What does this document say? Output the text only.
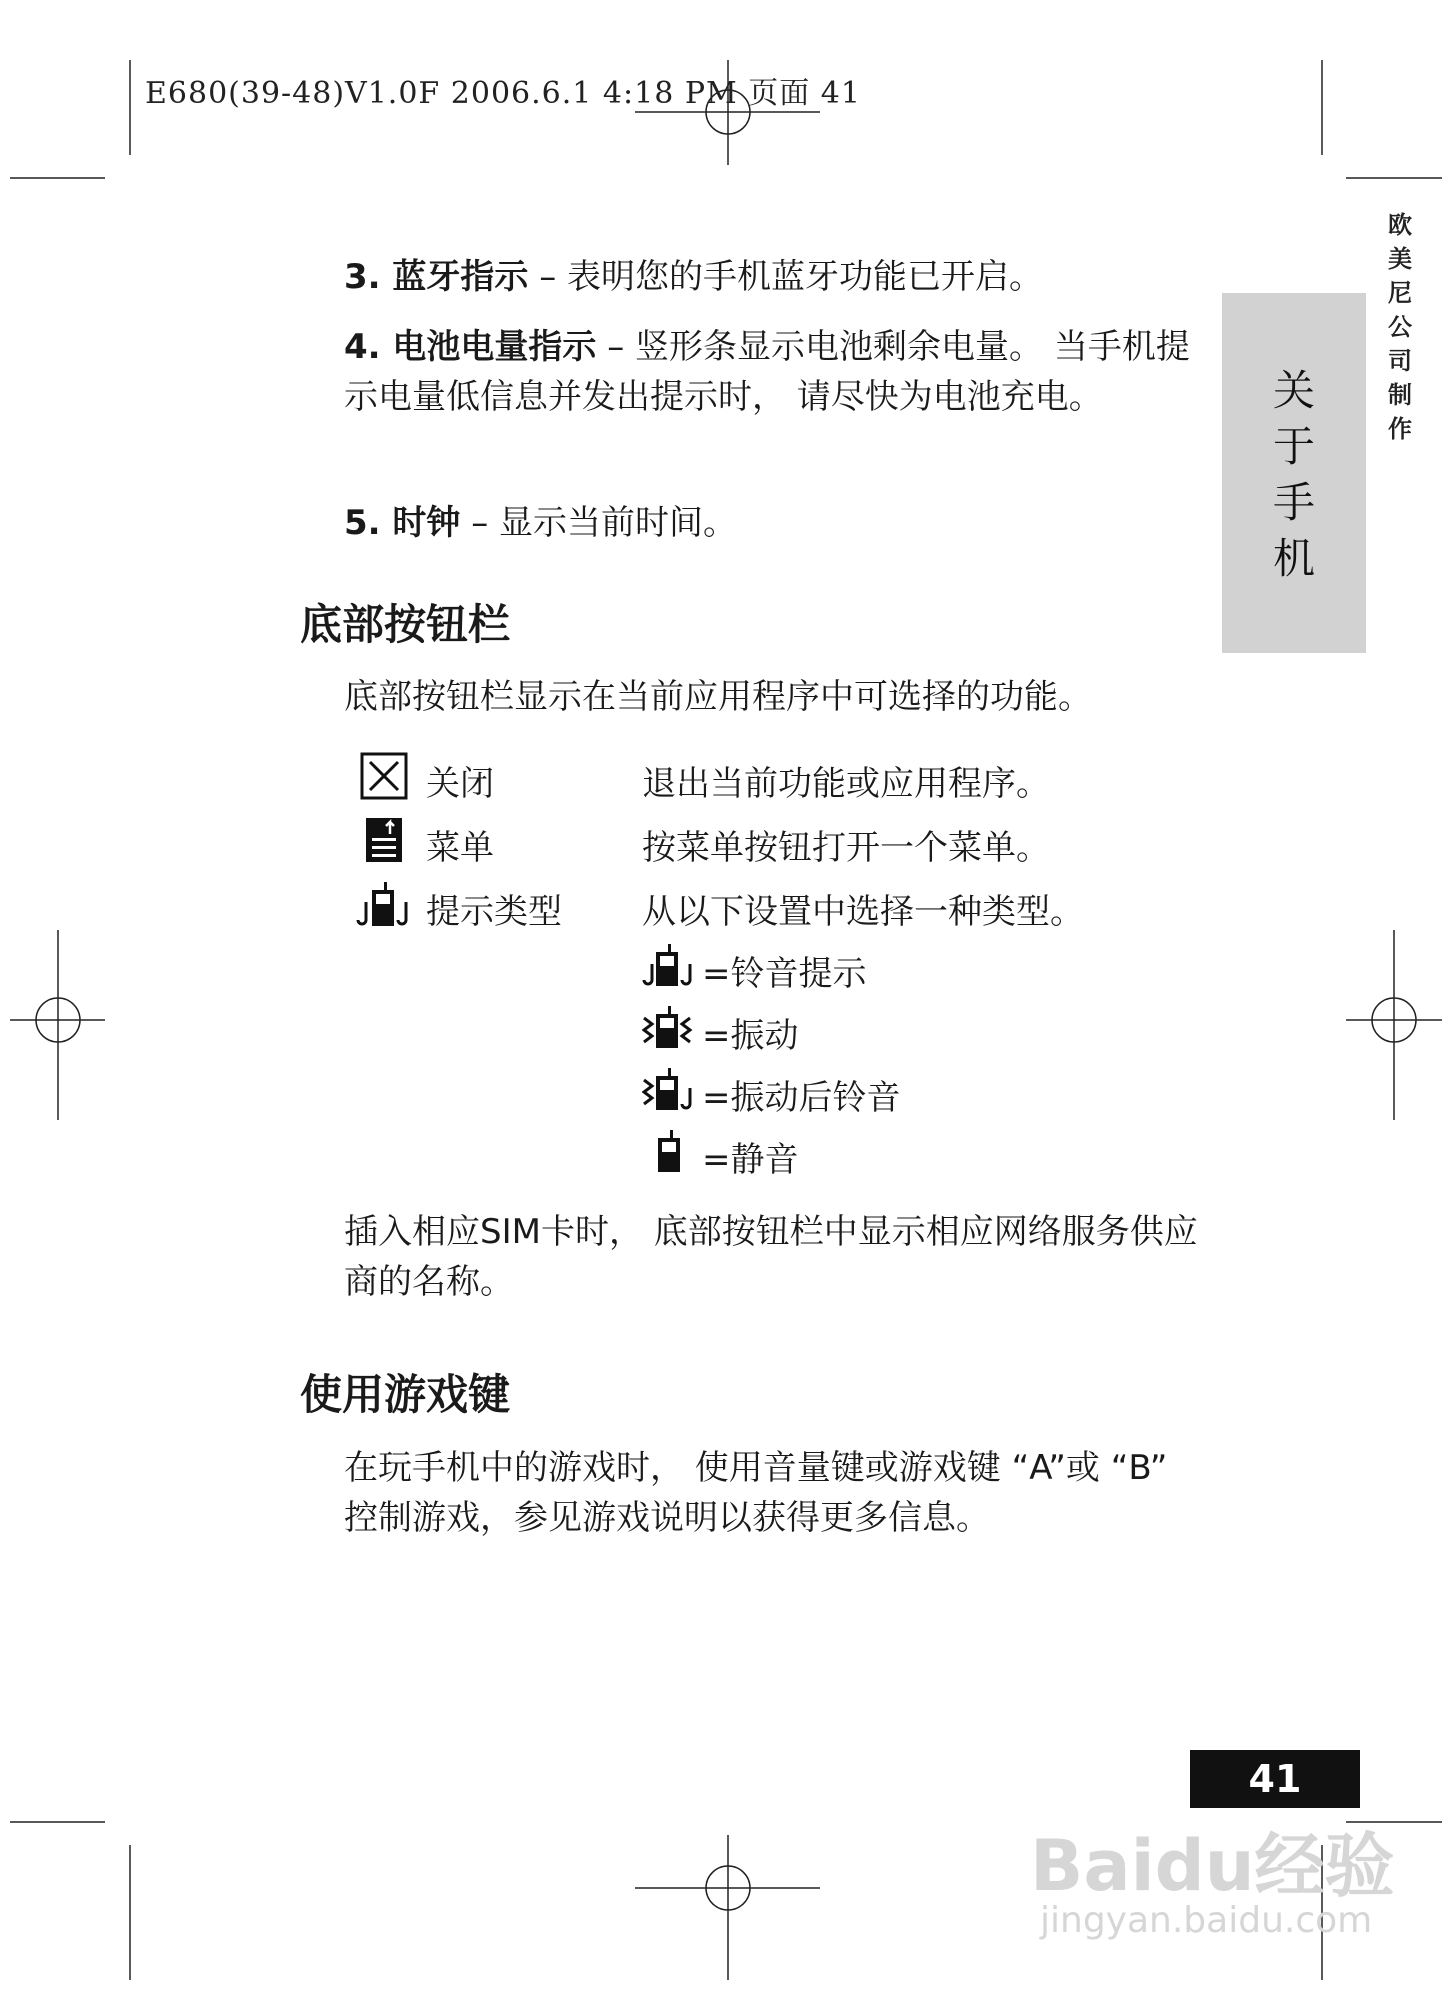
E680(39-48)V1.0F 2006.6.1 4:18 PM 页面 41
欧美尼公司制作
关
于
手
机
3. 蓝牙指示 – 表明您的手机蓝牙功能已开启。
4. 电池电量指示 – 竖形条显示电池剩余电量。 当手机提示电量低信息并发出提示时， 请尽快为电池充电。
5. 时钟 – 显示当前时间。
底部按钮栏
底部按钮栏显示在当前应用程序中可选择的功能。
关闭	退出当前功能或应用程序。
菜单	按菜单按钮打开一个菜单。
提示类型 从以下设置中选择一种类型。
=铃音提示
=振动
=振动后铃音
=静音
插入相应SIM卡时， 底部按钮栏中显示相应网络服务供应商的名称。
使用游戏键
在玩手机中的游戏时， 使用音量键或游戏键 “A”或 “B” 控制游戏，参见游戏说明以获得更多信息。
41
Baidu经验
jingyan.baidu.com
